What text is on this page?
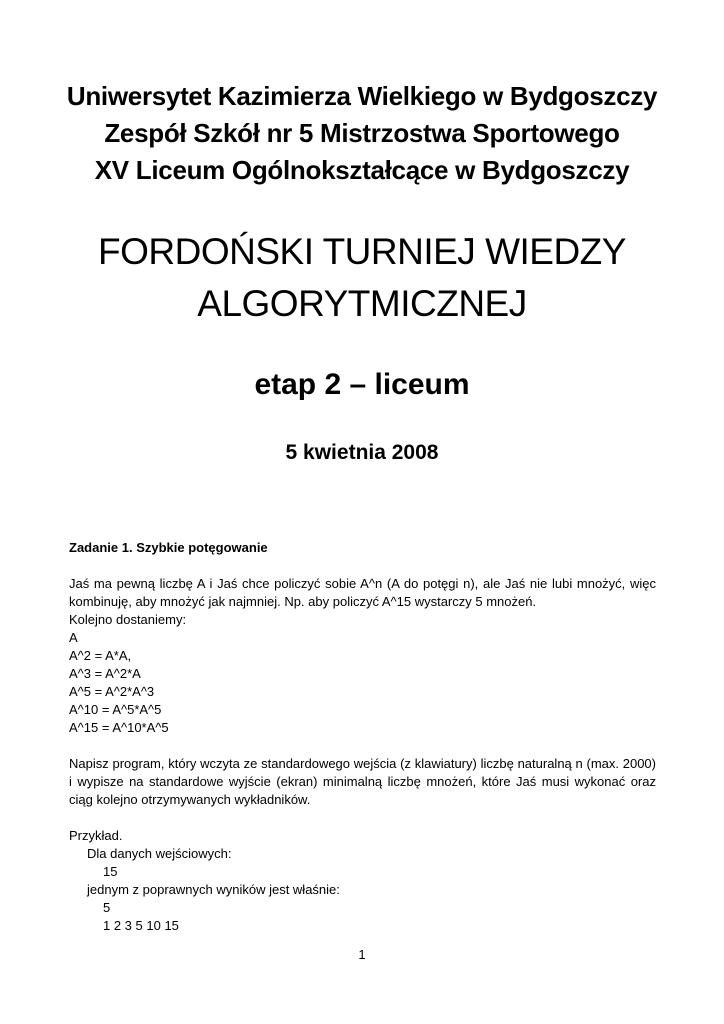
Uniwersytet Kazimierza Wielkiego w Bydgoszczy
Zespół Szkół nr 5 Mistrzostwa Sportowego
XV Liceum Ogólnokształcące w Bydgoszczy
FORDOŃSKI TURNIEJ WIEDZY
ALGORYTMICZNEJ
etap 2 – liceum
5 kwietnia 2008

Zadanie 1. Szybkie potęgowanie

Jaś ma pewną liczbę A i Jaś chce policzyć sobie A^n (A do potęgi n), ale Jaś nie lubi mnożyć, więc kombinuję, aby mnożyć jak najmniej. Np. aby policzyć A^15 wystarczy 5 mnożeń.

Kolejno dostaniemy:

A

A^2 = A*A,

A^3 = A^2*A

A^5 = A^2*A^3

A^10 = A^5*A^5

A^15 = A^10*A^5

Napisz program, który wczyta ze standardowego wejścia (z klawiatury) liczbę naturalną n (max. 2000) i wypisze na standardowe wyjście (ekran) minimalną liczbę mnożeń, które Jaś musi wykonać oraz ciąg kolejno otrzymywanych wykładników.

Przykład.

Dla danych wejściowych:

15

jednym z poprawnych wyników jest właśnie:

5

1 2 3 5 10 15

1
